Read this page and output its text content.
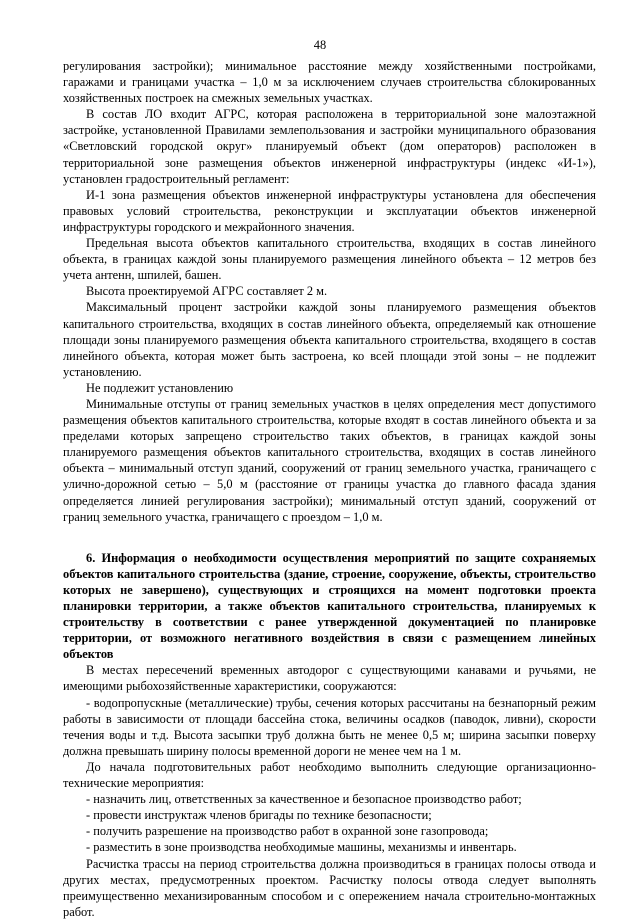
48
регулирования застройки); минимальное расстояние между хозяйственными постройками, гаражами и границами участка – 1,0 м за исключением случаев строительства сблокированных хозяйственных построек на смежных земельных участках.
В состав ЛО входит АГРС, которая расположена в территориальной зоне малоэтажной застройке, установленной Правилами землепользования и застройки муниципального образования «Светловский городской округ» планируемый объект (дом операторов) расположен в территориальной зоне размещения объектов инженерной инфраструктуры (индекс «И-1»), установлен градостроительный регламент:
И-1 зона размещения объектов инженерной инфраструктуры установлена для обеспечения правовых условий строительства, реконструкции и эксплуатации объектов инженерной инфраструктуры городского и межрайонного значения.
Предельная высота объектов капитального строительства, входящих в состав линейного объекта, в границах каждой зоны планируемого размещения линейного объекта – 12 метров без учета антенн, шпилей, башен.
Высота проектируемой АГРС составляет 2 м.
Максимальный процент застройки каждой зоны планируемого размещения объектов капитального строительства, входящих в состав линейного объекта, определяемый как отношение площади зоны планируемого размещения объекта капитального строительства, входящего в состав линейного объекта, которая может быть застроена, ко всей площади этой зоны – не подлежит установлению.
Не подлежит установлению
Минимальные отступы от границ земельных участков в целях определения мест допустимого размещения объектов капитального строительства, которые входят в состав линейного объекта и за пределами которых запрещено строительство таких объектов, в границах каждой зоны планируемого размещения объектов капитального строительства, входящих в состав линейного объекта – минимальный отступ зданий, сооружений от границ земельного участка, граничащего с улично-дорожной сетью – 5,0 м (расстояние от границы участка до главного фасада здания определяется линией регулирования застройки); минимальный отступ зданий, сооружений от границ земельного участка, граничащего с проездом – 1,0 м.
6. Информация о необходимости осуществления мероприятий по защите сохраняемых объектов капитального строительства (здание, строение, сооружение, объекты, строительство которых не завершено), существующих и строящихся на момент подготовки проекта планировки территории, а также объектов капитального строительства, планируемых к строительству в соответствии с ранее утвержденной документацией по планировке территории, от возможного негативного воздействия в связи с размещением линейных объектов
В местах пересечений временных автодорог с существующими канавами и ручьями, не имеющими рыбохозяйственные характеристики, сооружаются:
- водопропускные (металлические) трубы, сечения которых рассчитаны на безнапорный режим работы в зависимости от площади бассейна стока, величины осадков (паводок, ливни), скорости течения воды и т.д. Высота засыпки труб должна быть не менее 0,5 м; ширина засыпки поверху должна превышать ширину полосы временной дороги не менее чем на 1 м.
До начала подготовительных работ необходимо выполнить следующие организационно-технические мероприятия:
- назначить лиц, ответственных за качественное и безопасное производство работ;
- провести инструктаж членов бригады по технике безопасности;
- получить разрешение на производство работ в охранной зоне газопровода;
- разместить в зоне производства необходимые машины, механизмы и инвентарь.
Расчистка трассы на период строительства должна производиться в границах полосы отвода и других местах, предусмотренных проектом. Расчистку полосы отвода следует выполнять преимущественно механизированным способом и с опережением начала строительно-монтажных работ.
